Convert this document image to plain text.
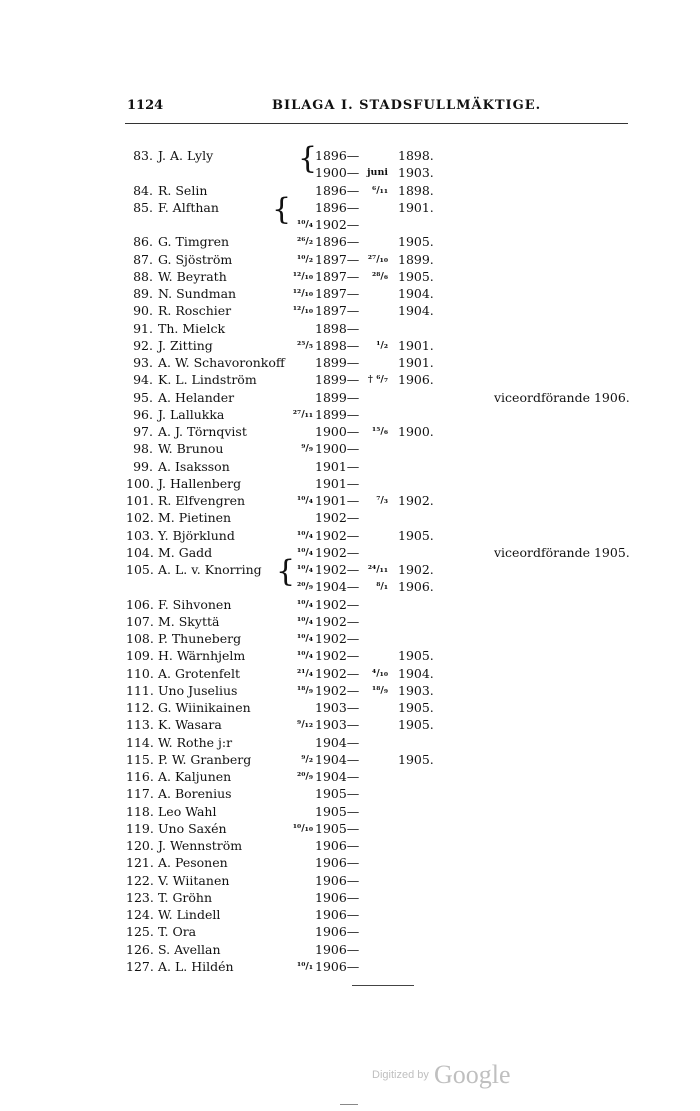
1124	BILAGA I. STADSFULLMÄKTIGE.
83. J. A. Lyly	1896—	1898.
1900— juni 1903.
84. R. Selin	1896—	⁶/₁₁ 1898.
85. F. Alfthan	1896—	1901.
¹⁰/₄ 1902—
86. G. Timgren	²⁶/₂ 1896—	1905.
87. G. Sjöström	¹⁰/₂ 1897— ²⁷/₁₀ 1899.
88. W. Beyrath	¹²/₁₀ 1897—	²⁸/₆ 1905.
89. N. Sundman	¹²/₁₀ 1897—	1904.
90. R. Roschier	¹²/₁₀ 1897—	1904.
91. Th. Mielck	1898—
92. J. Zitting	²⁵/₅ 1898—	¹/₂ 1901.
93. A. W. Schavoronkoff 1899—	1901.
94. K. L. Lindström	1899— † ⁶/₇ 1906.
95. A. Helander	1899—	viceordförande 1906.
96. J. Lallukka	²⁷/₁₁ 1899—
97. A. J. Törnqvist	1900—	¹⁵/₆ 1900.
98. W. Brunou	⁹/₉ 1900—
99. A. Isaksson	1901—
100. J. Hallenberg	1901—
101. R. Elfvengren	¹⁰/₄ 1901—	⁷/₃ 1902.
102. M. Pietinen	1902—
103. Y. Björklund	¹⁰/₄ 1902—	1905.
104. M. Gadd	¹⁰/₄ 1902—	viceordförande 1905.
105. A. L. v. Knorring	¹⁰/₄ 1902— ²⁴/₁₁ 1902.
²⁰/₉ 1904—	⁸/₁ 1906.
106. F. Sihvonen	¹⁰/₄ 1902—
107. M. Skyttä	¹⁰/₄ 1902—
108. P. Thuneberg	¹⁰/₄ 1902—
109. H. Wärnhjelm	¹⁰/₄ 1902—	1905.
110. A. Grotenfelt	²¹/₄ 1902—	⁴/₁₀ 1904.
111. Uno Juselius	¹⁸/₉ 1902—	¹⁸/₉ 1903.
112. G. Wiinikainen	1903—	1905.
113. K. Wasara	⁹/₁₂ 1903—	1905.
114. W. Rothe j:r	1904—
115. P. W. Granberg	⁹/₂ 1904—	1905.
116. A. Kaljunen	²⁰/₉ 1904—
117. A. Borenius	1905—
118. Leo Wahl	1905—
119. Uno Saxén	¹⁰/₁₀ 1905—
120. J. Wennström	1906—
121. A. Pesonen	1906—
122. V. Wiitanen	1906—
123. T. Gröhn	1906—
124. W. Lindell	1906—
125. T. Ora	1906—
126. S. Avellan	1906—
127. A. L. Hildén	¹⁰/₁ 1906—
{
{
{
Digitized by Google
